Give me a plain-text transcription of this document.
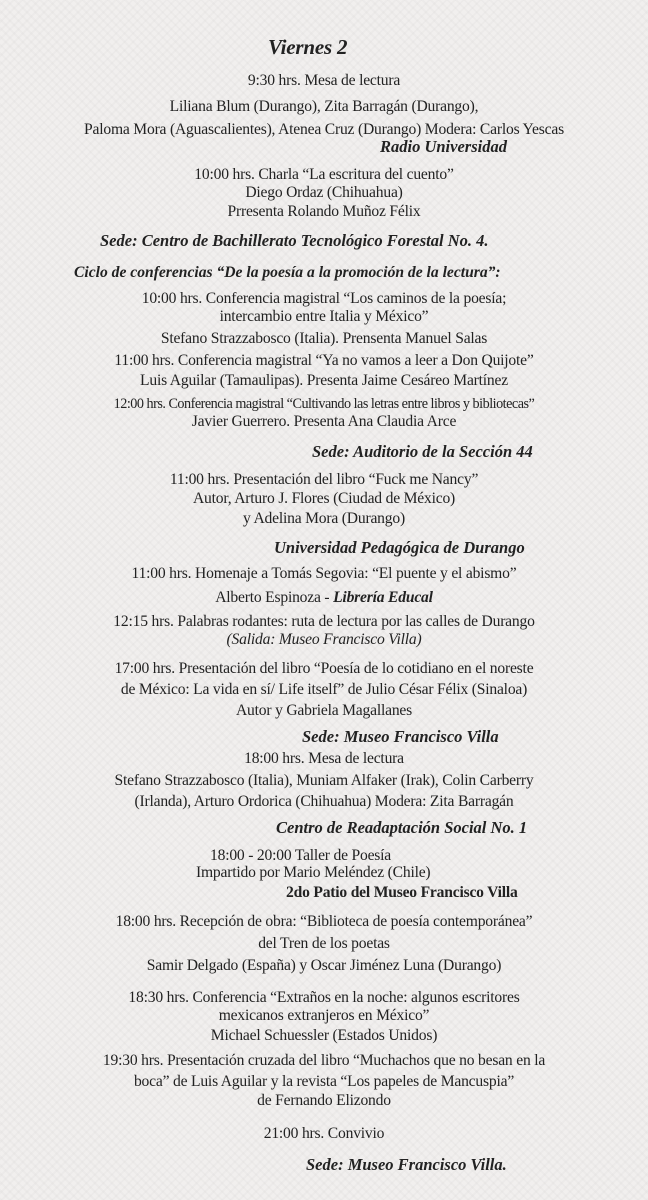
Viernes 2
9:30 hrs. Mesa de lectura
Liliana Blum (Durango), Zita Barragán (Durango),
Paloma Mora (Aguascalientes), Atenea Cruz (Durango) Modera: Carlos Yescas
Radio Universidad
10:00 hrs. Charla “La escritura del cuento”
Diego Ordaz (Chihuahua)
Prresenta Rolando Muñoz Félix
Sede: Centro de Bachillerato Tecnológico Forestal No. 4.
Ciclo de conferencias “De la poesía a la promoción de la lectura”:
10:00 hrs. Conferencia magistral “Los caminos de la poesía;
intercambio entre Italia y México”
Stefano Strazzabosco (Italia). Prensenta Manuel Salas
11:00 hrs. Conferencia magistral “Ya no vamos a leer a Don Quijote”
Luis Aguilar (Tamaulipas). Presenta Jaime Cesáreo Martínez
12:00 hrs. Conferencia magistral “Cultivando las letras entre libros y bibliotecas”
Javier Guerrero. Presenta Ana Claudia Arce
Sede: Auditorio de la Sección 44
11:00 hrs. Presentación del libro “Fuck me Nancy”
Autor, Arturo J. Flores (Ciudad de México)
y Adelina Mora (Durango)
Universidad Pedagógica de Durango
11:00 hrs. Homenaje a Tomás Segovia: “El puente y el abismo”
Alberto Espinoza - Librería Educal
12:15 hrs. Palabras rodantes: ruta de lectura por las calles de Durango
(Salida: Museo Francisco Villa)
17:00 hrs. Presentación del libro “Poesía de lo cotidiano en el noreste
de México: La vida en sí/ Life itself” de Julio César Félix (Sinaloa)
Autor y Gabriela Magallanes
Sede: Museo Francisco Villa
18:00 hrs. Mesa de lectura
Stefano Strazzabosco (Italia), Muniam Alfaker (Irak), Colin Carberry
(Irlanda), Arturo Ordorica (Chihuahua) Modera: Zita Barragán
Centro de Readaptación Social No. 1
18:00 - 20:00 Taller de Poesía
Impartido por Mario Meléndez (Chile)
2do Patio del Museo Francisco Villa
18:00 hrs. Recepción de obra: “Biblioteca de poesía contemporánea”
del Tren de los poetas
Samir Delgado (España) y Oscar Jiménez Luna (Durango)
18:30 hrs. Conferencia “Extraños en la noche: algunos escritores
mexicanos extranjeros en México”
Michael Schuessler (Estados Unidos)
19:30 hrs. Presentación cruzada del libro “Muchachos que no besan en la
boca” de Luis Aguilar y la revista “Los papeles de Mancuspia”
de Fernando Elizondo
21:00 hrs. Convivio
Sede: Museo Francisco Villa.
